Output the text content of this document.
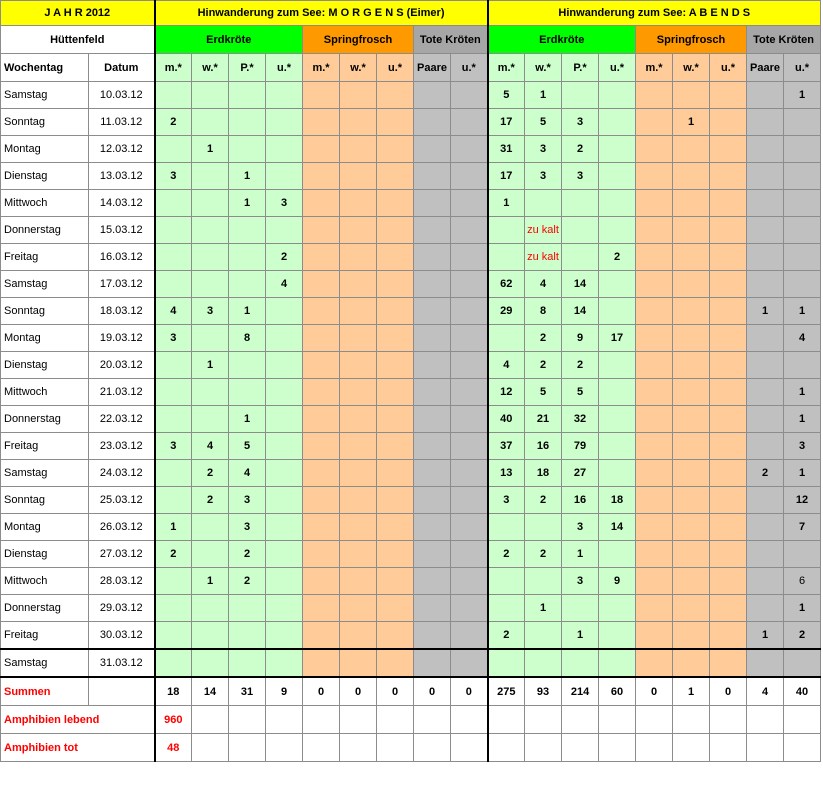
J A H R 2012		Hinwanderung zum See: M O R G E N S (Eimer)									Hinwanderung zum See: A B E N D S								
Hüttenfeld		Erdkröte				Springfrosch			Tote Kröten		Erdkröte				Springfrosch			Tote Kröten	
Wochentag	Datum	m.*	w.*	P.*	u.*	m.*	w.*	u.*	Paare	u.*	m.*	w.*	P.*	u.*	m.*	w.*	u.*	Paare	u.*
Samstag	10.03.12										5	1							1
Sonntag	11.03.12	2									17	5	3			1			
Montag	12.03.12		1								31	3	2						
Dienstag	13.03.12	3		1							17	3	3						
Mittwoch	14.03.12			1	3						1								
Donnerstag	15.03.12											zu kalt							
Freitag	16.03.12				2							zu kalt		2					
Samstag	17.03.12				4						62	4	14						
Sonntag	18.03.12	4	3	1							29	8	14					1	1
Montag	19.03.12	3		8								2	9	17					4
Dienstag	20.03.12		1								4	2	2						
Mittwoch	21.03.12										12	5	5						1
Donnerstag	22.03.12			1							40	21	32						1
Freitag	23.03.12	3	4	5							37	16	79						3
Samstag	24.03.12		2	4							13	18	27					2	1
Sonntag	25.03.12		2	3							3	2	16	18					12
Montag	26.03.12	1		3									3	14					7
Dienstag	27.03.12	2		2							2	2	1						
Mittwoch	28.03.12		1	2									3	9					6
Donnerstag	29.03.12											1							1
Freitag	30.03.12										2		1					1	2
Samstag	31.03.12																		
Summen		18	14	31	9	0	0	0	0	0	275	93	214	60	0	1	0	4	40
Amphibien lebend		960																	
Amphibien tot		48																	
